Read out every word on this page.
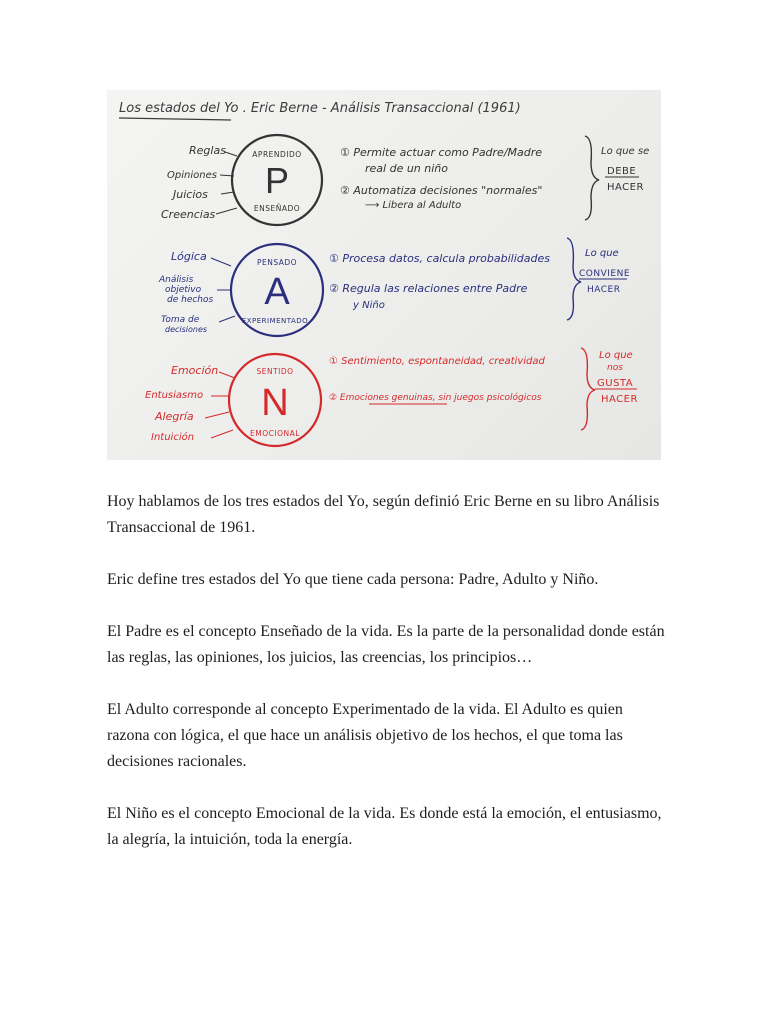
Los estados del Yo . Eric Berne - Análisis Transaccional (1961)
P
APRENDIDO
ENSEÑADO
Reglas
Opiniones
Juicios
Creencias
① Permite actuar como Padre/Madre
real de un niño
② Automatiza decisiones "normales"
⟶ Libera al Adulto
Lo que se
DEBE
HACER
A
PENSADO
EXPERIMENTADO
Lógica
Análisis
objetivo
de hechos
Toma de
decisiones
① Procesa datos, calcula probabilidades
② Regula las relaciones entre Padre
y Niño
Lo que
CONVIENE
HACER
N
SENTIDO
EMOCIONAL
Emoción
Entusiasmo
Alegría
Intuición
① Sentimiento, espontaneidad, creatividad
② Emociones genuinas, sin juegos psicológicos
Lo que
nos
GUSTA
HACER

Hoy hablamos de los tres estados del Yo, según definió Eric Berne en su libro Análisis Transaccional de 1961.

Eric define tres estados del Yo que tiene cada persona: Padre, Adulto y Niño.

El Padre es el concepto Enseñado de la vida. Es la parte de la personalidad donde están las reglas, las opiniones, los juicios, las creencias, los principios…

El Adulto corresponde al concepto Experimentado de la vida. El Adulto es quien razona con lógica, el que hace un análisis objetivo de los hechos, el que toma las decisiones racionales.

El Niño es el concepto Emocional de la vida. Es donde está la emoción, el entusiasmo, la alegría, la intuición, toda la energía.
